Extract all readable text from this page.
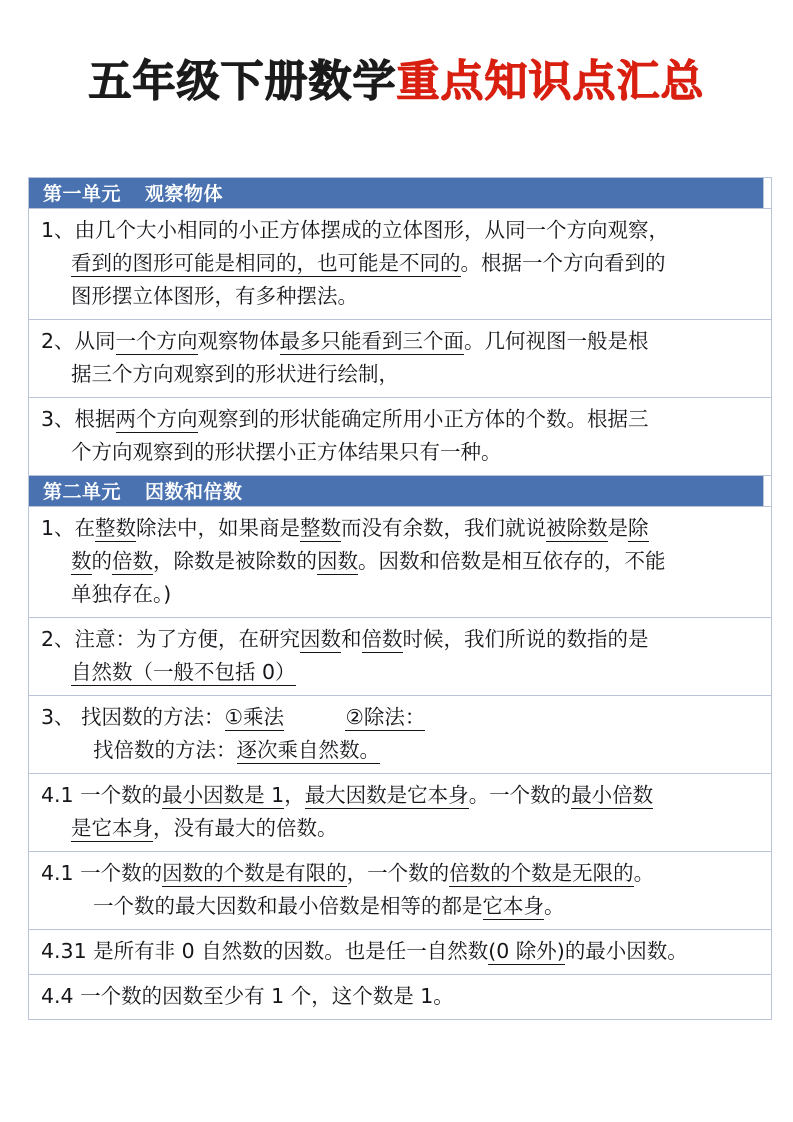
五年级下册数学 重点知识点汇总
第一单元 观察物体
1、由几个大小相同的小正方体摆成的立体图形，从同一个方向观察，
看到的图形可能是相同的，也可能是不同的。根据一个方向看到的
图形摆立体图形，有多种摆法。
2、从同一个方向观察物体最多只能看到三个面。几何视图一般是根
据三个方向观察到的形状进行绘制，
3、根据两个方向观察到的形状能确定所用小正方体的个数。根据三
个方向观察到的形状摆小正方体结果只有一种。
第二单元 因数和倍数
1、在整数除法中，如果商是整数而没有余数，我们就说被除数是除
数的倍数，除数是被除数的因数。因数和倍数是相互依存的，不能
单独存在。)
2、注意：为了方便，在研究因数和倍数时候，我们所说的数指的是
自然数（一般不包括 0）
3、 找因数的方法：①乘法　　　	②除法：
找倍数的方法：逐次乘自然数。
4.1 一个数的最小因数是 1，最大因数是它本身。一个数的最小倍数
是它本身，没有最大的倍数。
4.1 一个数的因数的个数是有限的，一个数的倍数的个数是无限的。
一个数的最大因数和最小倍数是相等的都是它本身。
4.31 是所有非 0 自然数的因数。也是任一自然数(0 除外)的最小因数。
4.4 一个数的因数至少有 1 个，这个数是 1。
